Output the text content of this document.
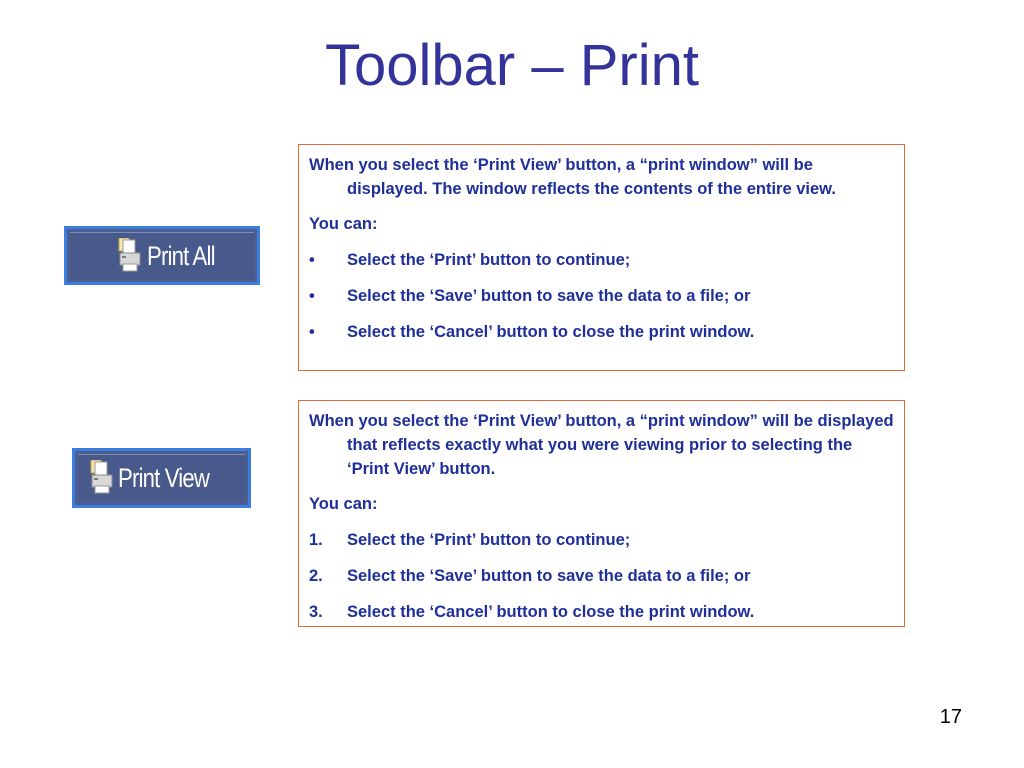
Toolbar – Print
Print All
Print View

When you select the ‘Print View’ button, a “print window” will be displayed. The window reflects the contents of the entire view.

You can:

•	Select the ‘Print’ button to continue;
•	Select the ‘Save’ button to save the data to a file; or
•	Select the ‘Cancel’ button to close the print window.

When you select the ‘Print View’ button, a “print window” will be displayed that reflects exactly what you were viewing prior to selecting the ‘Print View’ button.

You can:

1.	Select the ‘Print’ button to continue;
2.	Select the ‘Save’ button to save the data to a file; or
3.	Select the ‘Cancel’ button to close the print window.
17
